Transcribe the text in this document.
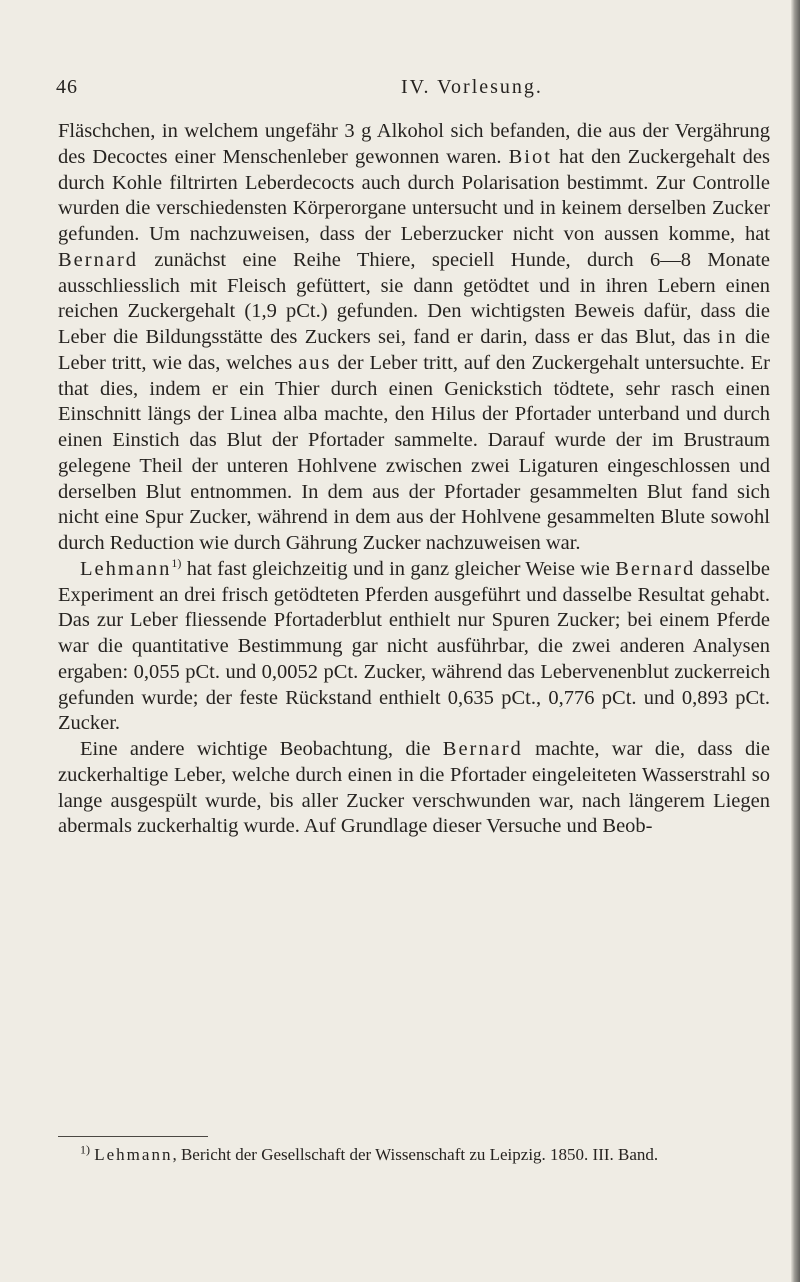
46	IV. Vorlesung.

Fläschchen, in welchem ungefähr 3 g Alkohol sich befanden, die aus der Vergährung des Decoctes einer Menschenleber gewonnen waren. Biot hat den Zuckergehalt des durch Kohle filtrirten Leberdecocts auch durch Polarisation bestimmt. Zur Controlle wurden die verschiedensten Körperorgane untersucht und in keinem derselben Zucker gefunden. Um nachzuweisen, dass der Leberzucker nicht von aussen komme, hat Bernard zunächst eine Reihe Thiere, speciell Hunde, durch 6—8 Monate ausschliesslich mit Fleisch gefüttert, sie dann getödtet und in ihren Lebern einen reichen Zuckergehalt (1,9 pCt.) gefunden. Den wichtigsten Beweis dafür, dass die Leber die Bildungsstätte des Zuckers sei, fand er darin, dass er das Blut, das in die Leber tritt, wie das, welches aus der Leber tritt, auf den Zuckergehalt untersuchte. Er that dies, indem er ein Thier durch einen Genickstich tödtete, sehr rasch einen Einschnitt längs der Linea alba machte, den Hilus der Pfortader unterband und durch einen Einstich das Blut der Pfortader sammelte. Darauf wurde der im Brustraum gelegene Theil der unteren Hohlvene zwischen zwei Ligaturen eingeschlossen und derselben Blut entnommen. In dem aus der Pfortader gesammelten Blut fand sich nicht eine Spur Zucker, während in dem aus der Hohlvene gesammelten Blute sowohl durch Reduction wie durch Gährung Zucker nachzuweisen war.

Lehmann$^{1)}$ hat fast gleichzeitig und in ganz gleicher Weise wie Bernard dasselbe Experiment an drei frisch getödteten Pferden ausgeführt und dasselbe Resultat gehabt. Das zur Leber fliessende Pfortaderblut enthielt nur Spuren Zucker; bei einem Pferde war die quantitative Bestimmung gar nicht ausführbar, die zwei anderen Analysen ergaben: 0,055 pCt. und 0,0052 pCt. Zucker, während das Lebervenenblut zuckerreich gefunden wurde; der feste Rückstand enthielt 0,635 pCt., 0,776 pCt. und 0,893 pCt. Zucker.

Eine andere wichtige Beobachtung, die Bernard machte, war die, dass die zuckerhaltige Leber, welche durch einen in die Pfortader eingeleiteten Wasserstrahl so lange ausgespült wurde, bis aller Zucker verschwunden war, nach längerem Liegen abermals zuckerhaltig wurde. Auf Grundlage dieser Versuche und Beob-

$^{1)}$ Lehmann, Bericht der Gesellschaft der Wissenschaft zu Leipzig. 1850. III. Band.
